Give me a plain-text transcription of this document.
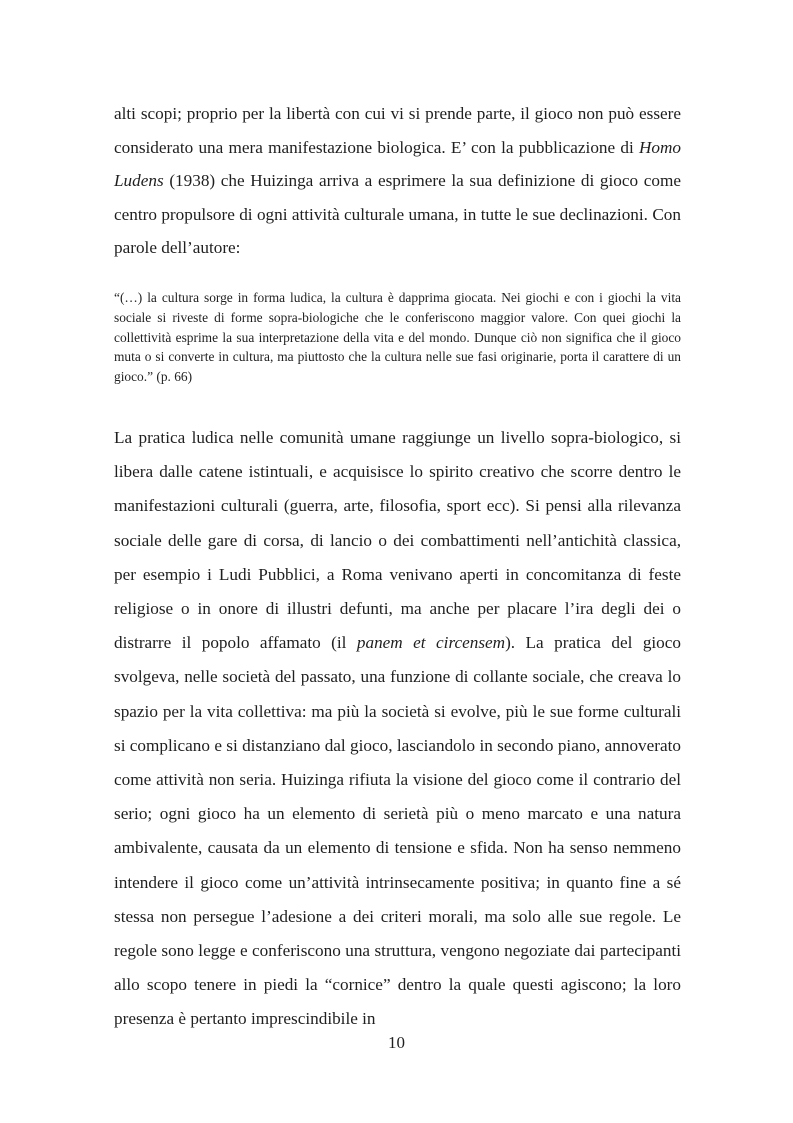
alti scopi; proprio per la libertà con cui vi si prende parte, il gioco non può essere considerato una mera manifestazione biologica. E’ con la pubblicazione di Homo Ludens (1938) che Huizinga arriva a esprimere la sua definizione di gioco come centro propulsore di ogni attività culturale umana, in tutte le sue declinazioni. Con parole dell’autore:

“(…) la cultura sorge in forma ludica, la cultura è dapprima giocata. Nei giochi e con i giochi la vita sociale si riveste di forme sopra-biologiche che le conferiscono maggior valore. Con quei giochi la collettività esprime la sua interpretazione della vita e del mondo. Dunque ciò non significa che il gioco muta o si converte in cultura, ma piuttosto che la cultura nelle sue fasi originarie, porta il carattere di un gioco.” (p. 66)

La pratica ludica nelle comunità umane raggiunge un livello sopra-biologico, si libera dalle catene istintuali, e acquisisce lo spirito creativo che scorre dentro le manifestazioni culturali (guerra, arte, filosofia, sport ecc). Si pensi alla rilevanza sociale delle gare di corsa, di lancio o dei combattimenti nell’antichità classica, per esempio i Ludi Pubblici, a Roma venivano aperti in concomitanza di feste religiose o in onore di illustri defunti, ma anche per placare l’ira degli dei o distrarre il popolo affamato (il panem et circensem). La pratica del gioco svolgeva, nelle società del passato, una funzione di collante sociale, che creava lo spazio per la vita collettiva: ma più la società si evolve, più le sue forme culturali si complicano e si distanziano dal gioco, lasciandolo in secondo piano, annoverato come attività non seria. Huizinga rifiuta la visione del gioco come il contrario del serio; ogni gioco ha un elemento di serietà più o meno marcato e una natura ambivalente, causata da un elemento di tensione e sfida. Non ha senso nemmeno intendere il gioco come un’attività intrinsecamente positiva; in quanto fine a sé stessa non persegue l’adesione a dei criteri morali, ma solo alle sue regole. Le regole sono legge e conferiscono una struttura, vengono negoziate dai partecipanti allo scopo tenere in piedi la “cornice” dentro la quale questi agiscono; la loro presenza è pertanto imprescindibile in

10
